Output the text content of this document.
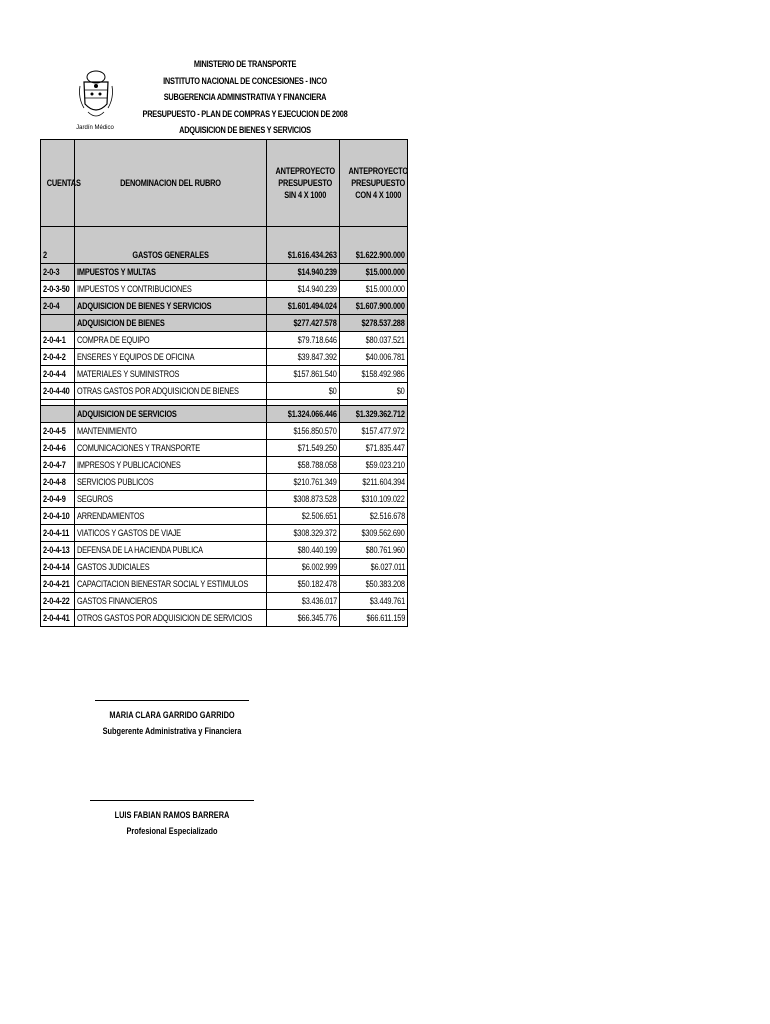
MINISTERIO DE TRANSPORTE
INSTITUTO NACIONAL DE CONCESIONES - INCO
SUBGERENCIA ADMINISTRATIVA Y FINANCIERA
PRESUPUESTO - PLAN DE COMPRAS Y EJECUCION DE 2008
ADQUISICION DE BIENES Y SERVICIOS
Jardín Médico
CUENTAS	DENOMINACION DEL RUBRO	ANTEPROYECTO PRESUPUESTO SIN 4 X 1000	ANTEPROYECTO PRESUPUESTO CON 4 X 1000
2	GASTOS GENERALES	$1.616.434.263	$1.622.900.000
2-0-3	IMPUESTOS Y MULTAS	$14.940.239	$15.000.000
2-0-3-50	IMPUESTOS Y CONTRIBUCIONES	$14.940.239	$15.000.000
2-0-4	ADQUISICION DE BIENES Y SERVICIOS	$1.601.494.024	$1.607.900.000
	ADQUISICION DE BIENES	$277.427.578	$278.537.288
2-0-4-1	COMPRA DE EQUIPO	$79.718.646	$80.037.521
2-0-4-2	ENSERES Y EQUIPOS DE OFICINA	$39.847.392	$40.006.781
2-0-4-4	MATERIALES Y SUMINISTROS	$157.861.540	$158.492.986
2-0-4-40	OTRAS GASTOS POR ADQUISICION DE BIENES	$0	$0

	ADQUISICION DE SERVICIOS	$1.324.066.446	$1.329.362.712
2-0-4-5	MANTENIMIENTO	$156.850.570	$157.477.972
2-0-4-6	COMUNICACIONES Y TRANSPORTE	$71.549.250	$71.835.447
2-0-4-7	IMPRESOS Y PUBLICACIONES	$58.788.058	$59.023.210
2-0-4-8	SERVICIOS PUBLICOS	$210.761.349	$211.604.394
2-0-4-9	SEGUROS	$308.873.528	$310.109.022
2-0-4-10	ARRENDAMIENTOS	$2.506.651	$2.516.678
2-0-4-11	VIATICOS Y GASTOS DE VIAJE	$308.329.372	$309.562.690
2-0-4-13	DEFENSA DE LA HACIENDA PUBLICA	$80.440.199	$80.761.960
2-0-4-14	GASTOS JUDICIALES	$6.002.999	$6.027.011
2-0-4-21	CAPACITACION BIENESTAR SOCIAL Y ESTIMULOS	$50.182.478	$50.383.208
2-0-4-22	GASTOS FINANCIEROS	$3.436.017	$3.449.761
2-0-4-41	OTROS GASTOS POR ADQUISICION DE SERVICIOS	$66.345.776	$66.611.159
MARIA CLARA GARRIDO GARRIDO
Subgerente Administrativa y Financiera
LUIS FABIAN RAMOS BARRERA
Profesional Especializado
